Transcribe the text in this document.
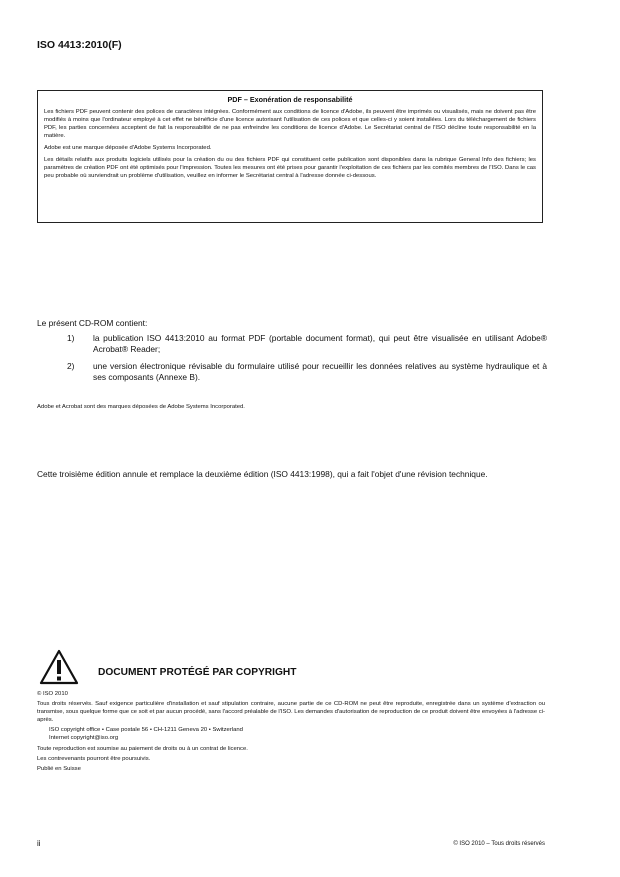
ISO 4413:2010(F)
PDF – Exonération de responsabilité

Les fichiers PDF peuvent contenir des polices de caractères intégrées. Conformément aux conditions de licence d'Adobe, ils peuvent être imprimés ou visualisés, mais ne doivent pas être modifiés à moins que l'ordinateur employé à cet effet ne bénéficie d'une licence autorisant l'utilisation de ces polices et que celles-ci y soient installées. Lors du téléchargement de fichiers PDF, les parties concernées acceptent de fait la responsabilité de ne pas enfreindre les conditions de licence d'Adobe. Le Secrétariat central de l'ISO décline toute responsabilité en la matière.

Adobe est une marque déposée d'Adobe Systems Incorporated.

Les détails relatifs aux produits logiciels utilisés pour la création du ou des fichiers PDF qui constituent cette publication sont disponibles dans la rubrique General Info des fichiers; les paramètres de création PDF ont été optimisés pour l'impression. Toutes les mesures ont été prises pour garantir l'exploitation de ces fichiers par les comités membres de l'ISO. Dans le cas peu probable où surviendrait un problème d'utilisation, veuillez en informer le Secrétariat central à l'adresse donnée ci-dessous.

Le présent CD-ROM contient:
1) la publication ISO 4413:2010 au format PDF (portable document format), qui peut être visualisée en utilisant Adobe® Acrobat® Reader;
2) une version électronique révisable du formulaire utilisé pour recueillir les données relatives au système hydraulique et à ses composants (Annexe B).
Adobe et Acrobat sont des marques déposées de Adobe Systems Incorporated.
Cette troisième édition annule et remplace la deuxième édition (ISO 4413:1998), qui a fait l'objet d'une révision technique.
DOCUMENT PROTÉGÉ PAR COPYRIGHT

© ISO 2010

Tous droits réservés. Sauf exigence particulière d'installation et sauf stipulation contraire, aucune partie de ce CD-ROM ne peut être reproduite, enregistrée dans un système d'extraction ou transmise, sous quelque forme que ce soit et par aucun procédé, sans l'accord préalable de l'ISO. Les demandes d'autorisation de reproduction de ce produit doivent être envoyées à l'adresse ci-après.

ISO copyright office • Case postale 56 • CH-1211 Geneva 20 • Switzerland

Internet copyright@iso.org

Toute reproduction est soumise au paiement de droits ou à un contrat de licence.

Les contrevenants pourront être poursuivis.

Publié en Suisse

ii	© ISO 2010 – Tous droits réservés
